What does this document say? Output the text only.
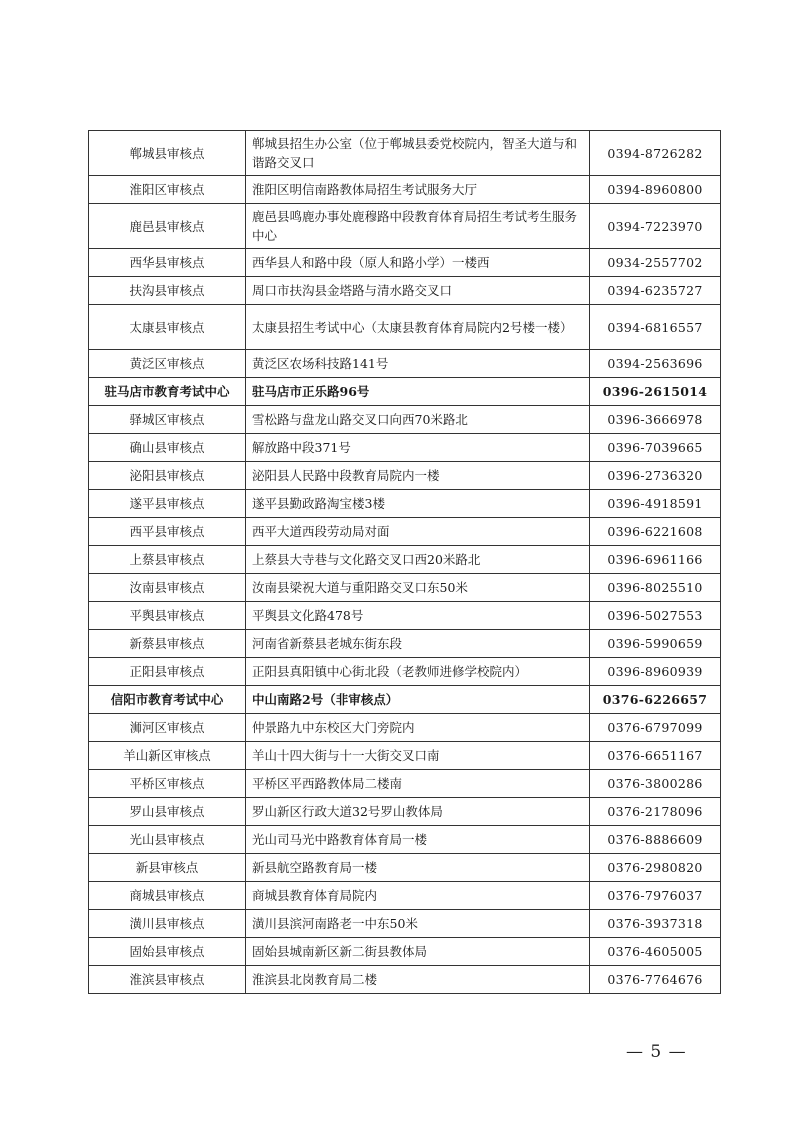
郸城县审核点	郸城县招生办公室（位于郸城县委党校院内，智圣大道与和谐路交叉口	0394-8726282
淮阳区审核点	淮阳区明信南路教体局招生考试服务大厅	0394-8960800
鹿邑县审核点	鹿邑县鸣鹿办事处鹿穆路中段教育体育局招生考试考生服务中心	0394-7223970
西华县审核点	西华县人和路中段（原人和路小学）一楼西	0934-2557702
扶沟县审核点	周口市扶沟县金塔路与清水路交叉口	0394-6235727
太康县审核点	太康县招生考试中心（太康县教育体育局院内2号楼一楼）	0394-6816557
黄泛区审核点	黄泛区农场科技路141号	0394-2563696
驻马店市教育考试中心	驻马店市正乐路96号	0396-2615014
驿城区审核点	雪松路与盘龙山路交叉口向西70米路北	0396-3666978
确山县审核点	解放路中段371号	0396-7039665
泌阳县审核点	泌阳县人民路中段教育局院内一楼	0396-2736320
遂平县审核点	遂平县勤政路淘宝楼3楼	0396-4918591
西平县审核点	西平大道西段劳动局对面	0396-6221608
上蔡县审核点	上蔡县大寺巷与文化路交叉口西20米路北	0396-6961166
汝南县审核点	汝南县梁祝大道与重阳路交叉口东50米	0396-8025510
平舆县审核点	平舆县文化路478号	0396-5027553
新蔡县审核点	河南省新蔡县老城东街东段	0396-5990659
正阳县审核点	正阳县真阳镇中心街北段（老教师进修学校院内）	0396-8960939
信阳市教育考试中心	中山南路2号（非审核点）	0376-6226657
浉河区审核点	仲景路九中东校区大门旁院内	0376-6797099
羊山新区审核点	羊山十四大街与十一大街交叉口南	0376-6651167
平桥区审核点	平桥区平西路教体局二楼南	0376-3800286
罗山县审核点	罗山新区行政大道32号罗山教体局	0376-2178096
光山县审核点	光山司马光中路教育体育局一楼	0376-8886609
新县审核点	新县航空路教育局一楼	0376-2980820
商城县审核点	商城县教育体育局院内	0376-7976037
潢川县审核点	潢川县滨河南路老一中东50米	0376-3937318
固始县审核点	固始县城南新区新二街县教体局	0376-4605005
淮滨县审核点	淮滨县北岗教育局二楼	0376-7764676
— 5 —
